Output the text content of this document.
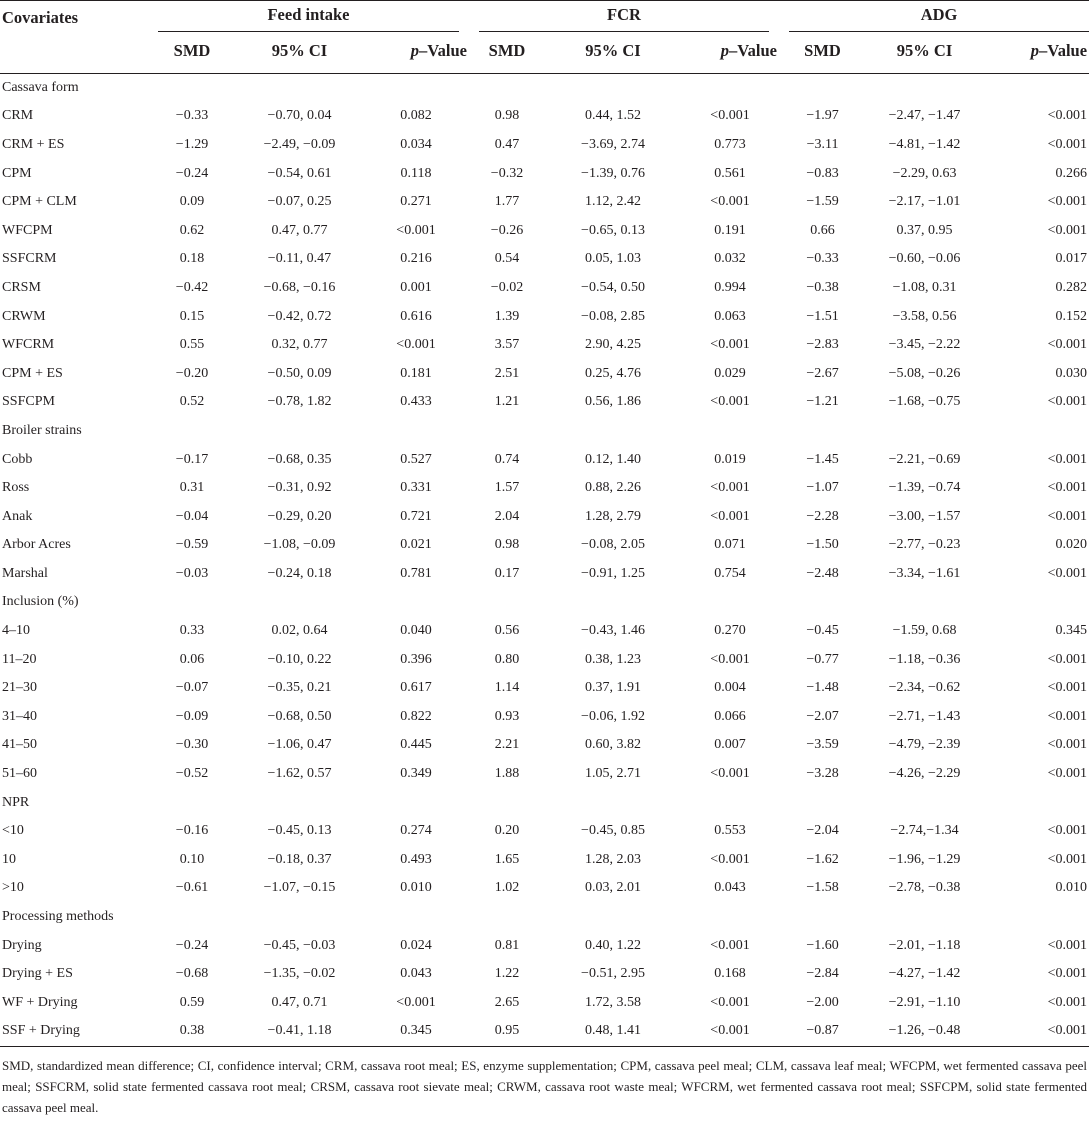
Covariates	Feed intake			FCR			ADG		

	SMD	95% CI	p–Value	SMD	95% CI	p–Value	SMD	95% CI	p–Value
Cassava form									
CRM	−0.33	−0.70, 0.04	0.082	0.98	0.44, 1.52	<0.001	−1.97	−2.47, −1.47	<0.001
CRM + ES	−1.29	−2.49, −0.09	0.034	0.47	−3.69, 2.74	0.773	−3.11	−4.81, −1.42	<0.001
CPM	−0.24	−0.54, 0.61	0.118	−0.32	−1.39, 0.76	0.561	−0.83	−2.29, 0.63	0.266
CPM + CLM	0.09	−0.07, 0.25	0.271	1.77	1.12, 2.42	<0.001	−1.59	−2.17, −1.01	<0.001
WFCPM	0.62	0.47, 0.77	<0.001	−0.26	−0.65, 0.13	0.191	0.66	0.37, 0.95	<0.001
SSFCRM	0.18	−0.11, 0.47	0.216	0.54	0.05, 1.03	0.032	−0.33	−0.60, −0.06	0.017
CRSM	−0.42	−0.68, −0.16	0.001	−0.02	−0.54, 0.50	0.994	−0.38	−1.08, 0.31	0.282
CRWM	0.15	−0.42, 0.72	0.616	1.39	−0.08, 2.85	0.063	−1.51	−3.58, 0.56	0.152
WFCRM	0.55	0.32, 0.77	<0.001	3.57	2.90, 4.25	<0.001	−2.83	−3.45, −2.22	<0.001
CPM + ES	−0.20	−0.50, 0.09	0.181	2.51	0.25, 4.76	0.029	−2.67	−5.08, −0.26	0.030
SSFCPM	0.52	−0.78, 1.82	0.433	1.21	0.56, 1.86	<0.001	−1.21	−1.68, −0.75	<0.001
Broiler strains									
Cobb	−0.17	−0.68, 0.35	0.527	0.74	0.12, 1.40	0.019	−1.45	−2.21, −0.69	<0.001
Ross	0.31	−0.31, 0.92	0.331	1.57	0.88, 2.26	<0.001	−1.07	−1.39, −0.74	<0.001
Anak	−0.04	−0.29, 0.20	0.721	2.04	1.28, 2.79	<0.001	−2.28	−3.00, −1.57	<0.001
Arbor Acres	−0.59	−1.08, −0.09	0.021	0.98	−0.08, 2.05	0.071	−1.50	−2.77, −0.23	0.020
Marshal	−0.03	−0.24, 0.18	0.781	0.17	−0.91, 1.25	0.754	−2.48	−3.34, −1.61	<0.001
Inclusion (%)									
4–10	0.33	0.02, 0.64	0.040	0.56	−0.43, 1.46	0.270	−0.45	−1.59, 0.68	0.345
11–20	0.06	−0.10, 0.22	0.396	0.80	0.38, 1.23	<0.001	−0.77	−1.18, −0.36	<0.001
21–30	−0.07	−0.35, 0.21	0.617	1.14	0.37, 1.91	0.004	−1.48	−2.34, −0.62	<0.001
31–40	−0.09	−0.68, 0.50	0.822	0.93	−0.06, 1.92	0.066	−2.07	−2.71, −1.43	<0.001
41–50	−0.30	−1.06, 0.47	0.445	2.21	0.60, 3.82	0.007	−3.59	−4.79, −2.39	<0.001
51–60	−0.52	−1.62, 0.57	0.349	1.88	1.05, 2.71	<0.001	−3.28	−4.26, −2.29	<0.001
NPR									
<10	−0.16	−0.45, 0.13	0.274	0.20	−0.45, 0.85	0.553	−2.04	−2.74,−1.34	<0.001
10	0.10	−0.18, 0.37	0.493	1.65	1.28, 2.03	<0.001	−1.62	−1.96, −1.29	<0.001
>10	−0.61	−1.07, −0.15	0.010	1.02	0.03, 2.01	0.043	−1.58	−2.78, −0.38	0.010
Processing methods									
Drying	−0.24	−0.45, −0.03	0.024	0.81	0.40, 1.22	<0.001	−1.60	−2.01, −1.18	<0.001
Drying + ES	−0.68	−1.35, −0.02	0.043	1.22	−0.51, 2.95	0.168	−2.84	−4.27, −1.42	<0.001
WF + Drying	0.59	0.47, 0.71	<0.001	2.65	1.72, 3.58	<0.001	−2.00	−2.91, −1.10	<0.001
SSF + Drying	0.38	−0.41, 1.18	0.345	0.95	0.48, 1.41	<0.001	−0.87	−1.26, −0.48	<0.001
SMD, standardized mean difference; CI, confidence interval; CRM, cassava root meal; ES, enzyme supplementation; CPM, cassava peel meal; CLM, cassava leaf meal; WFCPM, wet fermented cassava peel meal; SSFCRM, solid state fermented cassava root meal; CRSM, cassava root sievate meal; CRWM, cassava root waste meal; WFCRM, wet fermented cassava root meal; SSFCPM, solid state fermented cassava peel meal.
